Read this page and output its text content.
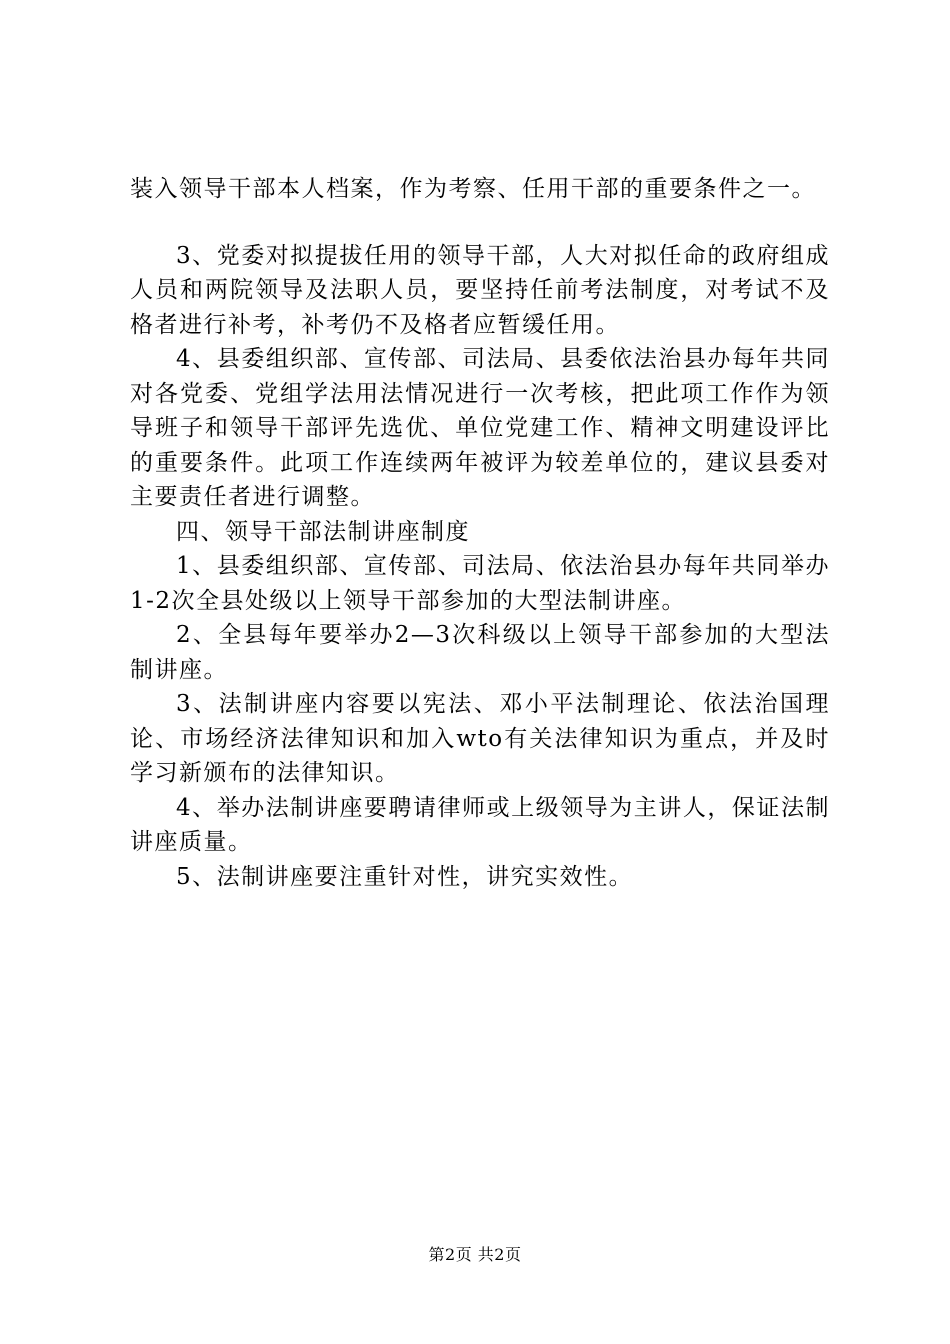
装入领导干部本人档案，作为考察、任用干部的重要条件之一。

3、党委对拟提拔任用的领导干部，人大对拟任命的政府组成人员和两院领导及法职人员，要坚持任前考法制度，对考试不及格者进行补考，补考仍不及格者应暂缓任用。

4、县委组织部、宣传部、司法局、县委依法治县办每年共同对各党委、党组学法用法情况进行一次考核，把此项工作作为领导班子和领导干部评先选优、单位党建工作、精神文明建设评比的重要条件。此项工作连续两年被评为较差单位的，建议县委对主要责任者进行调整。

四、领导干部法制讲座制度

1、县委组织部、宣传部、司法局、依法治县办每年共同举办1-2次全县处级以上领导干部参加的大型法制讲座。

2、全县每年要举办2—3次科级以上领导干部参加的大型法制讲座。

3、法制讲座内容要以宪法、邓小平法制理论、依法治国理论、市场经济法律知识和加入wto有关法律知识为重点，并及时学习新颁布的法律知识。

4、举办法制讲座要聘请律师或上级领导为主讲人，保证法制讲座质量。

5、法制讲座要注重针对性，讲究实效性。

第2页 共2页
